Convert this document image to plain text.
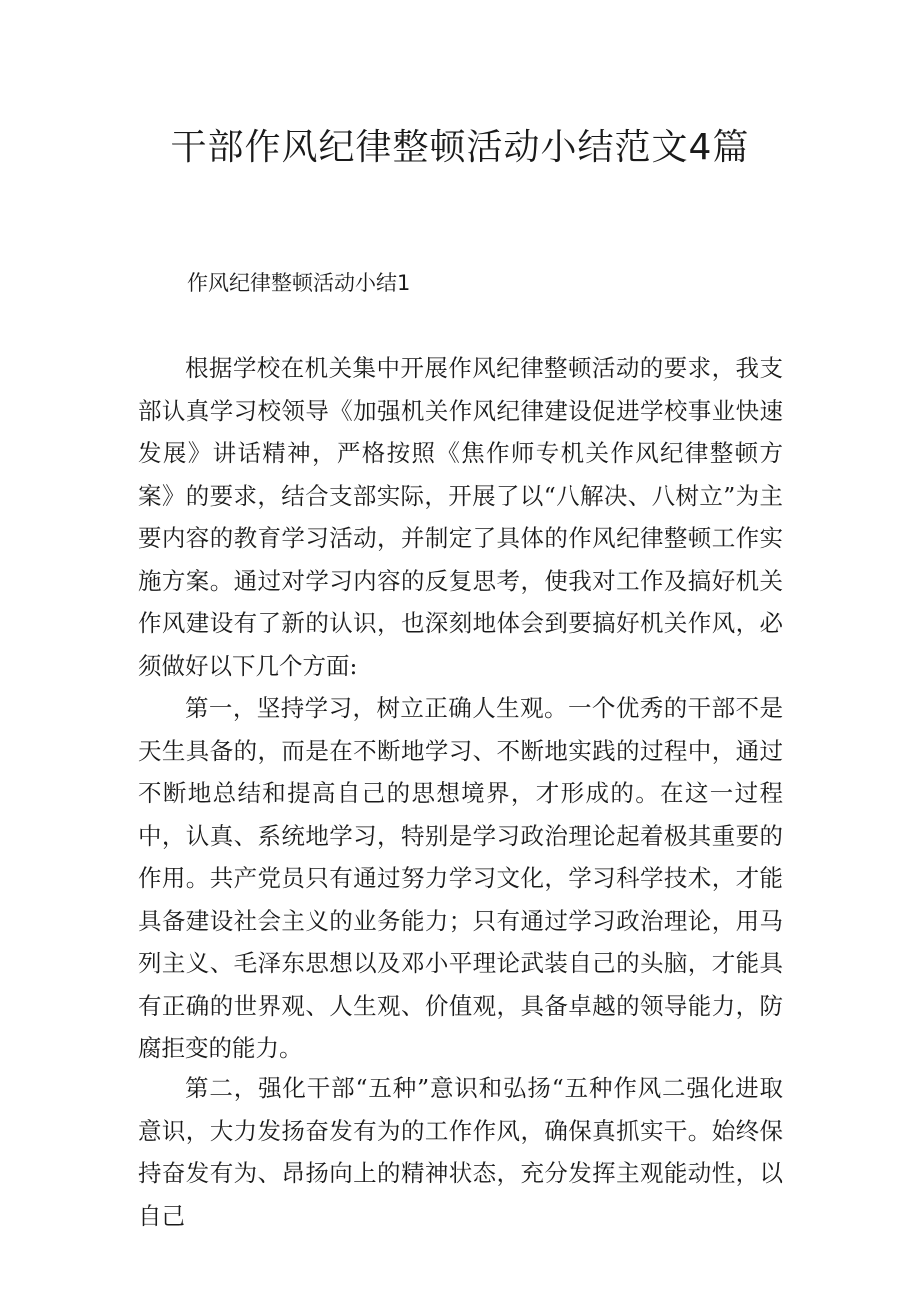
干部作风纪律整顿活动小结范文4篇

作风纪律整顿活动小结1

根据学校在机关集中开展作风纪律整顿活动的要求，我支部认真学习校领导《加强机关作风纪律建设促进学校事业快速发展》讲话精神，严格按照《焦作师专机关作风纪律整顿方案》的要求，结合支部实际，开展了以“八解决、八树立”为主要内容的教育学习活动，并制定了具体的作风纪律整顿工作实施方案。通过对学习内容的反复思考，使我对工作及搞好机关作风建设有了新的认识，也深刻地体会到要搞好机关作风，必须做好以下几个方面:

第一，坚持学习，树立正确人生观。一个优秀的干部不是天生具备的，而是在不断地学习、不断地实践的过程中，通过不断地总结和提高自己的思想境界，才形成的。在这一过程中，认真、系统地学习，特别是学习政治理论起着极其重要的作用。共产党员只有通过努力学习文化，学习科学技术，才能具备建设社会主义的业务能力；只有通过学习政治理论，用马列主义、毛泽东思想以及邓小平理论武装自己的头脑，才能具有正确的世界观、人生观、价值观，具备卓越的领导能力，防腐拒变的能力。

第二，强化干部“五种”意识和弘扬“五种作风二强化进取意识，大力发扬奋发有为的工作作风，确保真抓实干。始终保持奋发有为、昂扬向上的精神状态，充分发挥主观能动性，以自己
